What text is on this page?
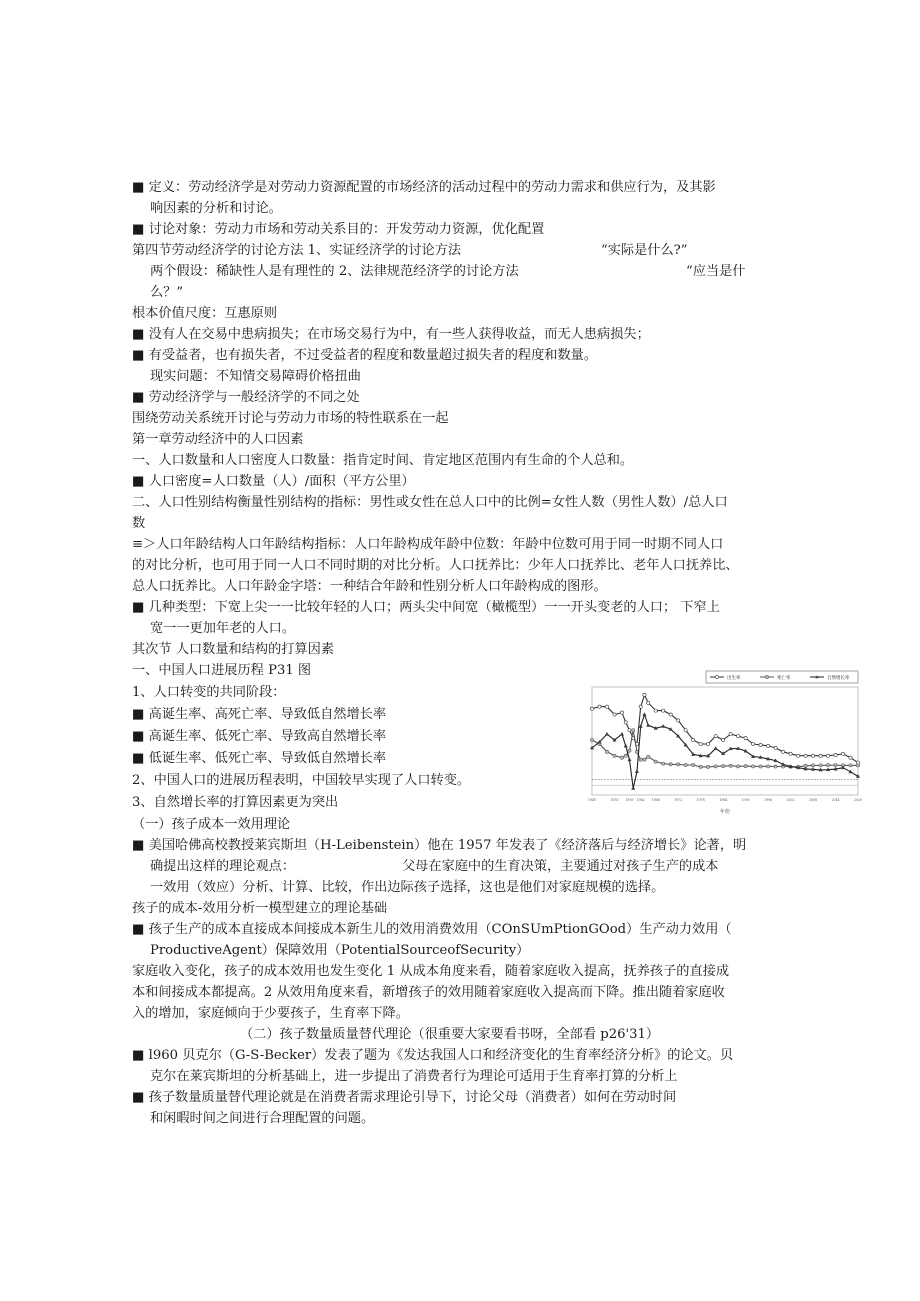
■ 定义：劳动经济学是对劳动力资源配置的市场经济的活动过程中的劳动力需求和供应行为，及其影
响因素的分析和讨论。
■ 讨论对象：劳动力市场和劳动关系目的：开发劳动力资源，优化配置
第四节劳动经济学的讨论方法 1、实证经济学的讨论方法	“实际是什么?”
两个假设：稀缺性人是有理性的 2、法律规范经济学的讨论方法	“应当是什
么？”
根本价值尺度：互惠原则
■ 没有人在交易中患病损失；在市场交易行为中，有一些人获得收益，而无人患病损失；
■ 有受益者，也有损失者，不过受益者的程度和数量超过损失者的程度和数量。
现实问题：不知情交易障碍价格扭曲
■ 劳动经济学与一般经济学的不同之处
围绕劳动关系统开讨论与劳动力市场的特性联系在一起
第一章劳动经济中的人口因素
一、人口数量和人口密度人口数量：指肯定时间、肯定地区范围内有生命的个人总和。
■ 人口密度=人口数量（人）/面积（平方公里）
二、人口性别结构衡量性别结构的指标：男性或女性在总人口中的比例=女性人数（男性人数）/总人口
数
≡＞人口年龄结构人口年龄结构指标：人口年龄构成年龄中位数：年龄中位数可用于同一时期不同人口
的对比分析，也可用于同一人口不同时期的对比分析。人口抚养比：少年人口抚养比、老年人口抚养比、
总人口抚养比。人口年龄金字塔：一种结合年龄和性别分析人口年龄构成的图形。
■ 几种类型：下宽上尖一一比较年轻的人口；两头尖中间宽（橄榄型）一一开头变老的人口； 下窄上
宽一一更加年老的人口。
其次节 人口数量和结构的打算因素
一、中国人口进展历程 P31 图
1、人口转变的共同阶段：
■ 高诞生率、高死亡率、导致低自然增长率
■ 高诞生率、低死亡率、导致高自然增长率
■ 低诞生率、低死亡率、导致低自然增长率
2、中国人口的进展历程表明，中国较早实现了人口转变。
3、自然增长率的打算因素更为突出
（一）孩子成本一效用理论
■ 美国哈佛高校教授莱宾斯坦（H-Leibenstein）他在 1957 年发表了《经济落后与经济增长》论著，明
确提出这样的理论观点：	父母在家庭中的生育决策，主要通过对孩子生产的成本
一效用（效应）分析、计算、比较，作出边际孩子选择，这也是他们对家庭规模的选择。
孩子的成本-效用分析一模型建立的理论基础
■ 孩子生产的成本直接成本间接成本新生儿的效用消费效用（COnSUmPtionGOod）生产动力效用（
ProductiveAgent）保障效用（PotentialSourceofSecurity）
家庭收入变化，孩子的成本效用也发生变化 1 从成本角度来看，随着家庭收入提高，抚养孩子的直接成
本和间接成本都提高。2 从效用角度来看，新增孩子的效用随着家庭收入提高而下降。推出随着家庭收
入的增加，家庭倾向于少要孩子，生育率下降。
（二）孩子数量质量替代理论（很重要大家要看书呀，全部看 p26'31）
■ l960 贝克尔（G-S-Becker）发表了题为《发达我国人口和经济变化的生育率经济分析》的论文。贝
克尔在莱宾斯坦的分析基础上，进一步提出了消费者行为理论可适用于生育率打算的分析上
■ 孩子数量质量替代理论就是在消费者需求理论引导下，讨论父母（消费者）如何在劳动时间
和闲暇时间之间进行合理配置的问题。
出生率	死亡率	自然增长率
1949	1955 1959 1962 1966	1972	1978	1984	1990	1996	2002	2008	2014	2020
年份
